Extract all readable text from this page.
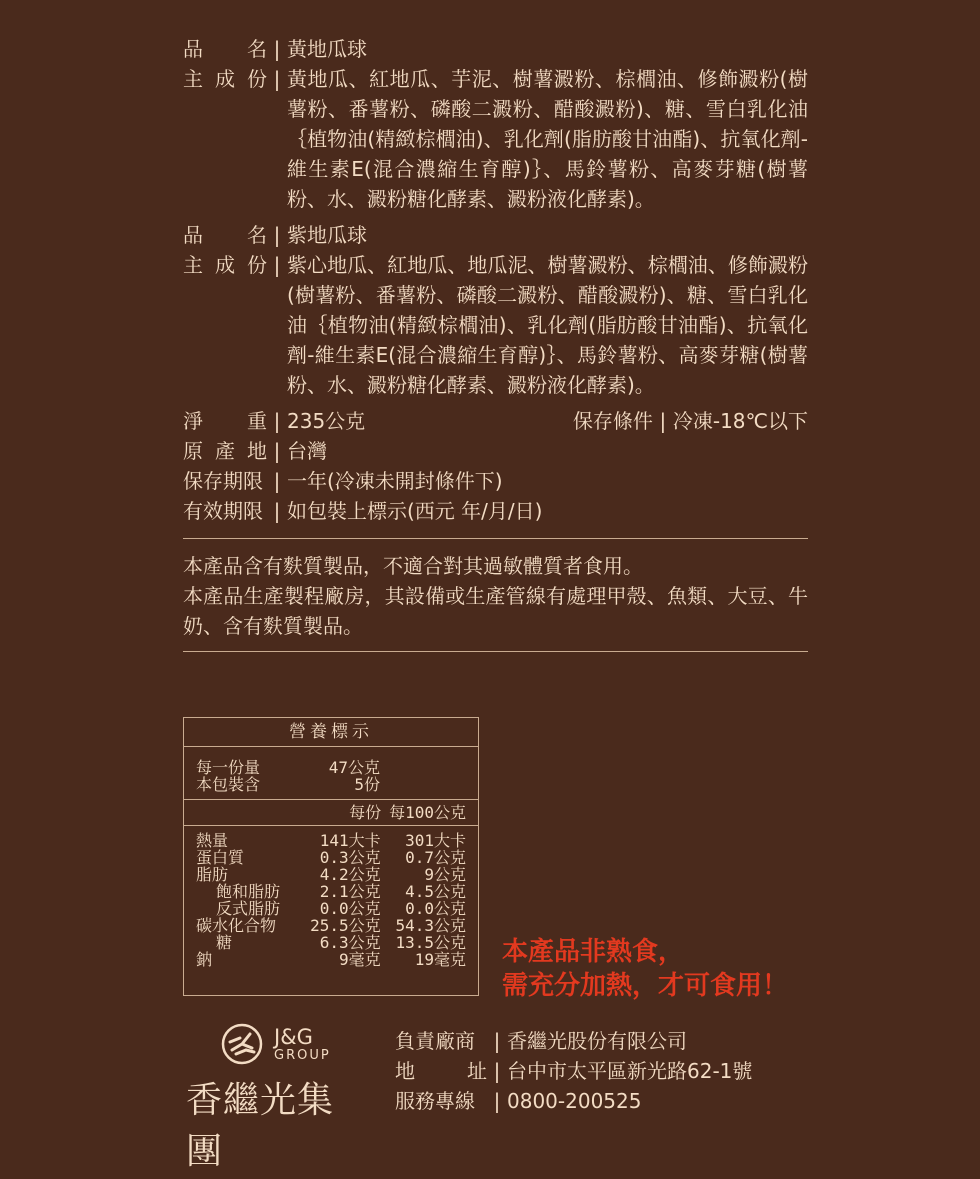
品 名 | 黃地瓜球
主 成 份 | 黃地瓜、紅地瓜、芋泥、樹薯澱粉、棕櫚油、修飾澱粉(樹薯粉、番薯粉、磷酸二澱粉、醋酸澱粉)、糖、雪白乳化油｛植物油(精緻棕櫚油)、乳化劑(脂肪酸甘油酯)、抗氧化劑-維生素E(混合濃縮生育醇)｝、馬鈴薯粉、高麥芽糖(樹薯粉、水、澱粉糖化酵素、澱粉液化酵素)。
品 名 | 紫地瓜球
主 成 份 | 紫心地瓜、紅地瓜、地瓜泥、樹薯澱粉、棕櫚油、修飾澱粉(樹薯粉、番薯粉、磷酸二澱粉、醋酸澱粉)、糖、雪白乳化油｛植物油(精緻棕櫚油)、乳化劑(脂肪酸甘油酯)、抗氧化劑-維生素E(混合濃縮生育醇)｝、馬鈴薯粉、高麥芽糖(樹薯粉、水、澱粉糖化酵素、澱粉液化酵素)。
淨 重 | 235公克	保存條件 | 冷凍-18℃以下
原 產 地 | 台灣
保存期限 | 一年(冷凍未開封條件下)
有效期限 | 如包裝上標示(西元 年/月/日)
本產品含有麩質製品，不適合對其過敏體質者食用。
本產品生產製程廠房，其設備或生產管線有處理甲殼、魚類、大豆、牛奶、含有麩質製品。
營養標示
每一份量	47公克
本包裝含	5份
每份 每100公克
熱量	141大卡	301大卡
蛋白質	0.3公克	0.7公克
脂肪	4.2公克	9公克
飽和脂肪	2.1公克	4.5公克
反式脂肪	0.0公克	0.0公克
碳水化合物	25.5公克 54.3公克
糖	6.3公克 13.5公克
鈉	9毫克	19毫克 本產品非熟食，
需充分加熱，才可食用！
J&G
GROUP
香繼光集團
負責廠商 | 香繼光股份有限公司
地	址 | 台中市太平區新光路62-1號
服務專線 | 0800-200525
